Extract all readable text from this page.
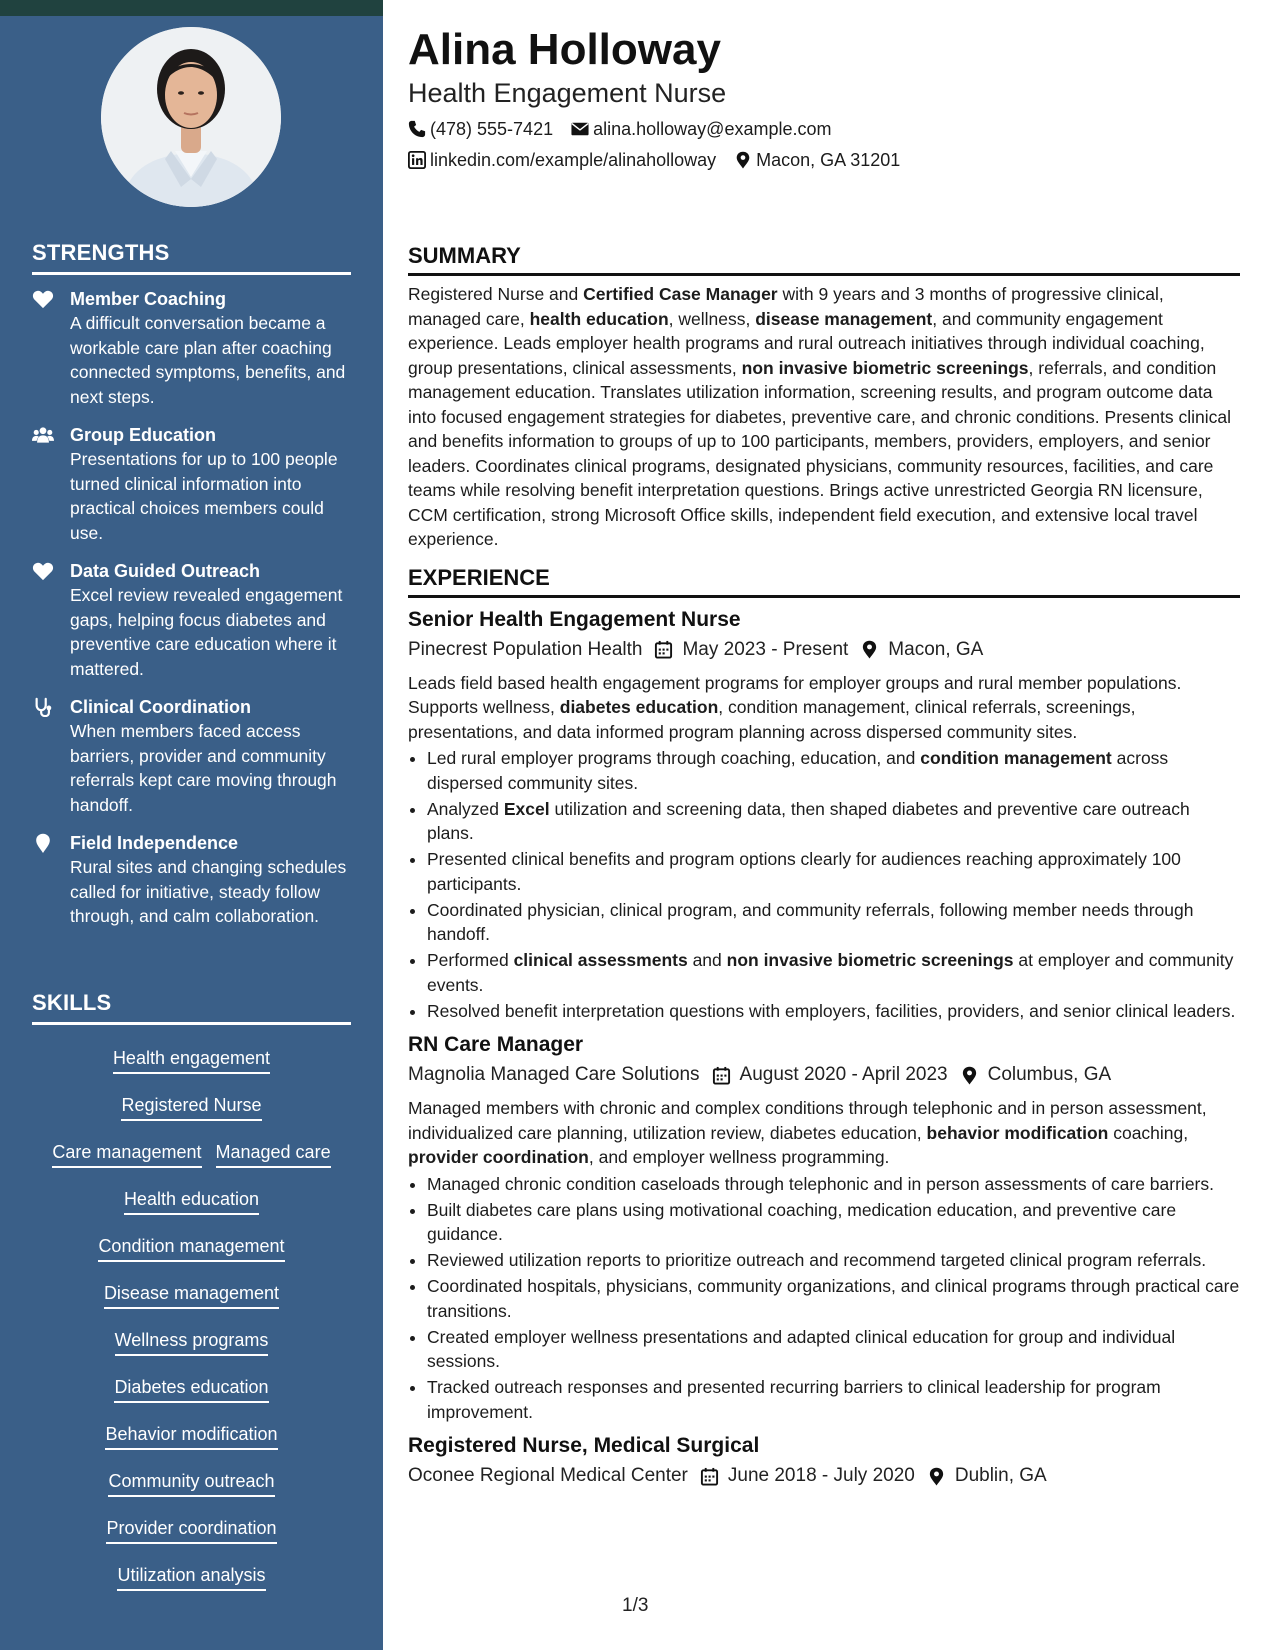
STRENGTHS
Member Coaching
A difficult conversation became a workable care plan after coaching connected symptoms, benefits, and next steps.
Group Education
Presentations for up to 100 people turned clinical information into practical choices members could use.
Data Guided Outreach
Excel review revealed engagement gaps, helping focus diabetes and preventive care education where it mattered.
Clinical Coordination
When members faced access barriers, provider and community referrals kept care moving through handoff.
Field Independence
Rural sites and changing schedules called for initiative, steady follow through, and calm collaboration.
SKILLS
Health engagement
Registered Nurse
Care management Managed care
Health education
Condition management
Disease management
Wellness programs
Diabetes education
Behavior modification
Community outreach
Provider coordination
Utilization analysis
Alina Holloway

Health Engagement Nurse

(478) 555-7421 alina.holloway@example.com
linkedin.com/example/alinaholloway Macon, GA 31201
SUMMARY

Registered Nurse and Certified Case Manager with 9 years and 3 months of progressive clinical, managed care, health education, wellness, disease management, and community engagement experience. Leads employer health programs and rural outreach initiatives through individual coaching, group presentations, clinical assessments, non invasive biometric screenings, referrals, and condition management education. Translates utilization information, screening results, and program outcome data into focused engagement strategies for diabetes, preventive care, and chronic conditions. Presents clinical and benefits information to groups of up to 100 participants, members, providers, employers, and senior leaders. Coordinates clinical programs, designated physicians, community resources, facilities, and care teams while resolving benefit interpretation questions. Brings active unrestricted Georgia RN licensure, CCM certification, strong Microsoft Office skills, independent field execution, and extensive local travel experience.

EXPERIENCE
Senior Health Engagement Nurse
Pinecrest Population Health May 2023 - Present Macon, GA

Leads field based health engagement programs for employer groups and rural member populations. Supports wellness, diabetes education, condition management, clinical referrals, screenings, presentations, and data informed program planning across dispersed community sites.

• Led rural employer programs through coaching, education, and condition management across dispersed community sites.
• Analyzed Excel utilization and screening data, then shaped diabetes and preventive care outreach plans.
• Presented clinical benefits and program options clearly for audiences reaching approximately 100 participants.
• Coordinated physician, clinical program, and community referrals, following member needs through handoff.
• Performed clinical assessments and non invasive biometric screenings at employer and community events.
• Resolved benefit interpretation questions with employers, facilities, providers, and senior clinical leaders.
RN Care Manager
Magnolia Managed Care Solutions August 2020 - April 2023 Columbus, GA

Managed members with chronic and complex conditions through telephonic and in person assessment, individualized care planning, utilization review, diabetes education, behavior modification coaching, provider coordination, and employer wellness programming.

• Managed chronic condition caseloads through telephonic and in person assessments of care barriers.
• Built diabetes care plans using motivational coaching, medication education, and preventive care guidance.
• Reviewed utilization reports to prioritize outreach and recommend targeted clinical program referrals.
• Coordinated hospitals, physicians, community organizations, and clinical programs through practical care transitions.
• Created employer wellness presentations and adapted clinical education for group and individual sessions.
• Tracked outreach responses and presented recurring barriers to clinical leadership for program improvement.
Registered Nurse, Medical Surgical
Oconee Regional Medical Center June 2018 - July 2020 Dublin, GA
1/3
